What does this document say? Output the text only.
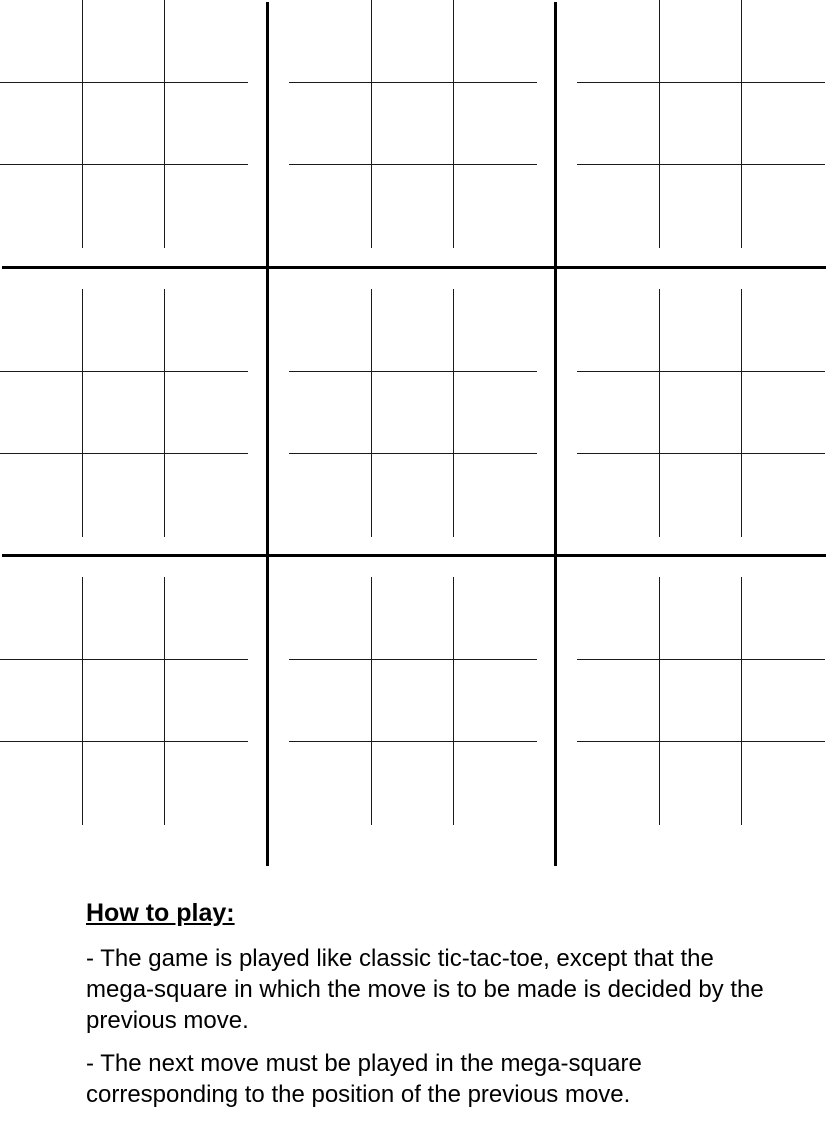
How to play:

- The game is played like classic tic-tac-toe, except that the mega-square in which the move is to be made is decided by the previous move.

- The next move must be played in the mega-square corresponding to the position of the previous move.
